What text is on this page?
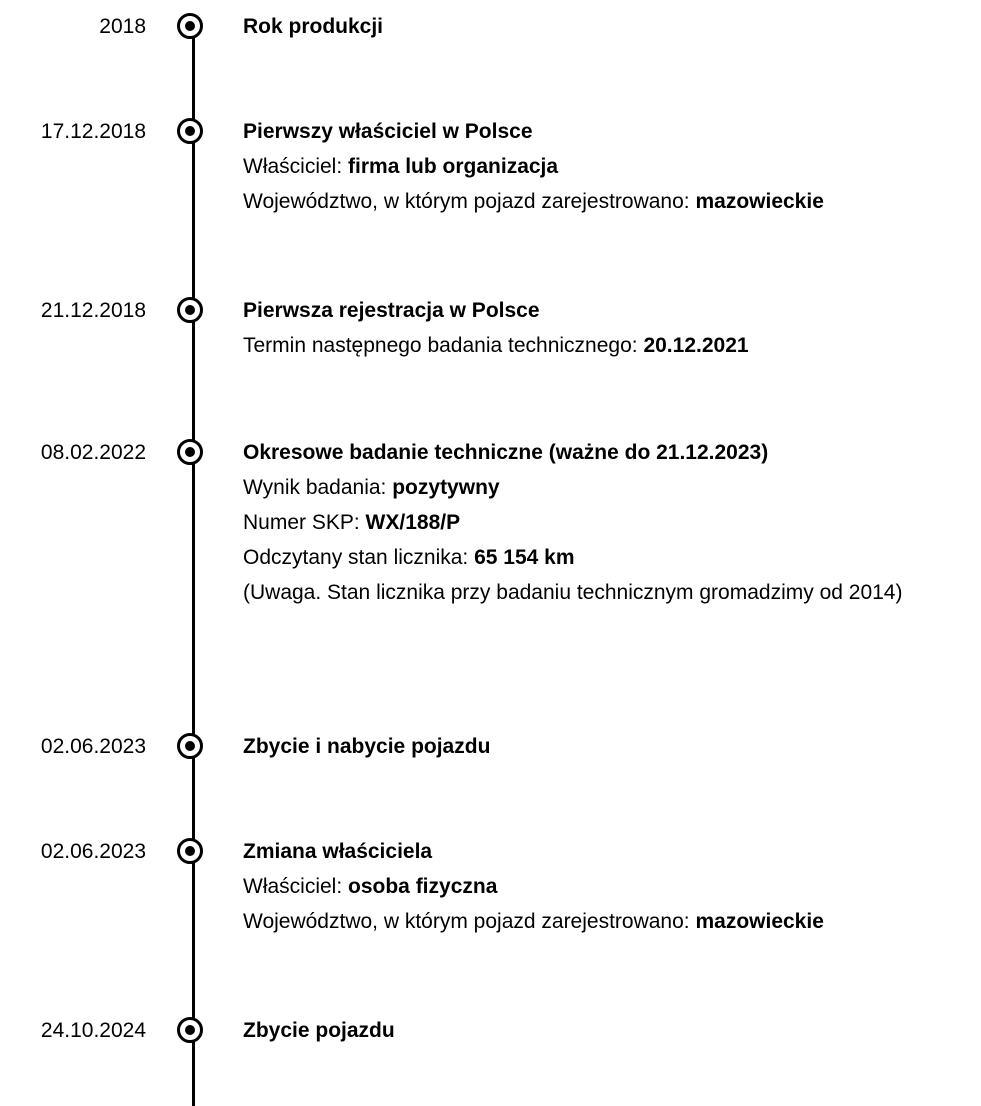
2018	Rok produkcji
17.12.2018	Pierwszy właściciel w Polsce
Właściciel: firma lub organizacja
Województwo, w którym pojazd zarejestrowano: mazowieckie
21.12.2018	Pierwsza rejestracja w Polsce
Termin następnego badania technicznego: 20.12.2021
08.02.2022	Okresowe badanie techniczne (ważne do 21.12.2023)
Wynik badania: pozytywny
Numer SKP: WX/188/P
Odczytany stan licznika: 65 154 km
(Uwaga. Stan licznika przy badaniu technicznym gromadzimy od 2014)
02.06.2023	Zbycie i nabycie pojazdu
02.06.2023	Zmiana właściciela
Właściciel: osoba fizyczna
Województwo, w którym pojazd zarejestrowano: mazowieckie
24.10.2024	Zbycie pojazdu
